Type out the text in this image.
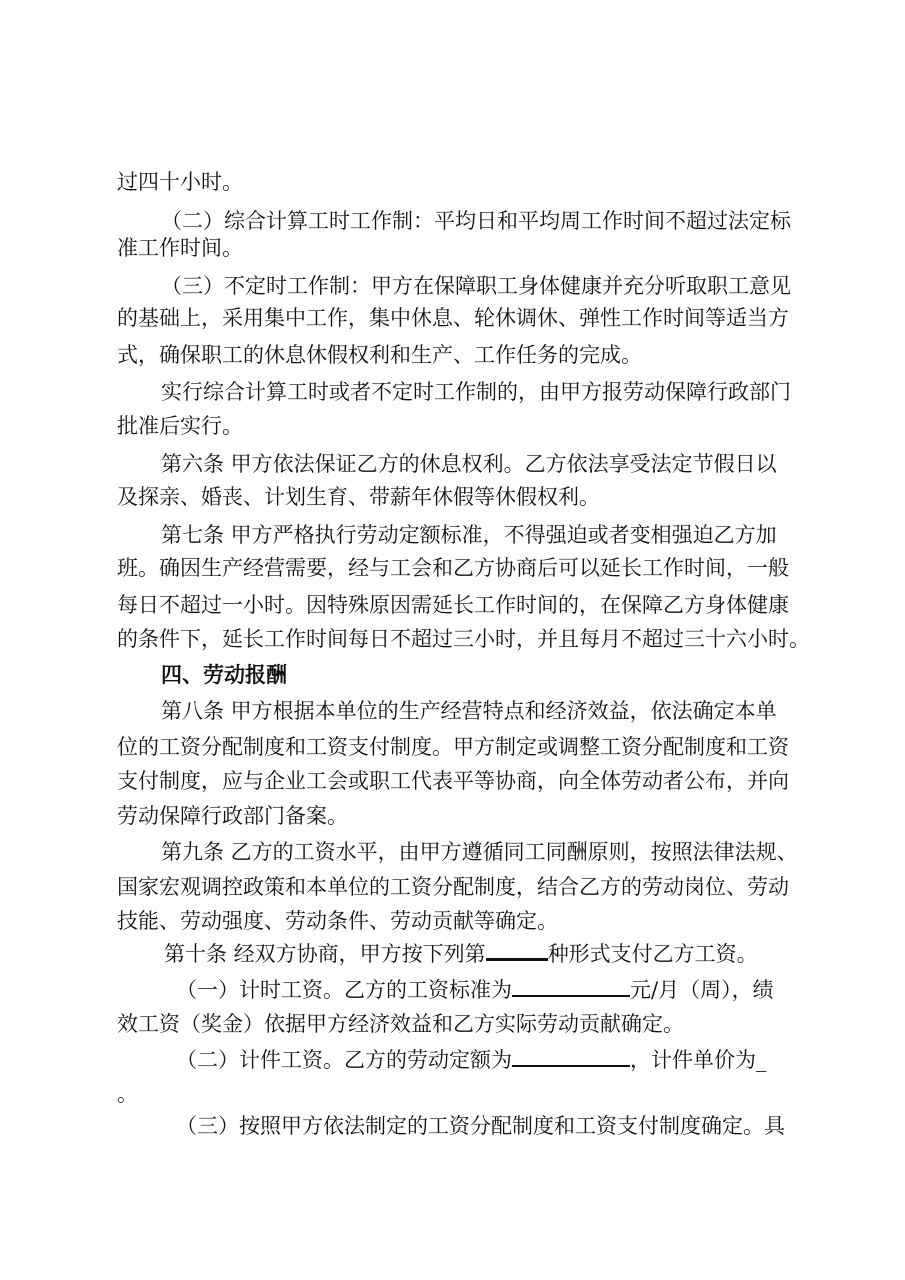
过四十小时。
（二）综合计算工时工作制：平均日和平均周工作时间不超过法定标
准工作时间。
（三）不定时工作制：甲方在保障职工身体健康并充分听取职工意见
的基础上，采用集中工作，集中休息、轮休调休、弹性工作时间等适当方
式，确保职工的休息休假权利和生产、工作任务的完成。
实行综合计算工时或者不定时工作制的，由甲方报劳动保障行政部门
批准后实行。
第六条 甲方依法保证乙方的休息权利。乙方依法享受法定节假日以
及探亲、婚丧、计划生育、带薪年休假等休假权利。
第七条 甲方严格执行劳动定额标准，不得强迫或者变相强迫乙方加
班。确因生产经营需要，经与工会和乙方协商后可以延长工作时间，一般
每日不超过一小时。因特殊原因需延长工作时间的，在保障乙方身体健康
的条件下，延长工作时间每日不超过三小时，并且每月不超过三十六小时。
四、劳动报酬
第八条 甲方根据本单位的生产经营特点和经济效益，依法确定本单
位的工资分配制度和工资支付制度。甲方制定或调整工资分配制度和工资
支付制度，应与企业工会或职工代表平等协商，向全体劳动者公布，并向
劳动保障行政部门备案。
第九条 乙方的工资水平，由甲方遵循同工同酬原则，按照法律法规、
国家宏观调控政策和本单位的工资分配制度，结合乙方的劳动岗位、劳动
技能、劳动强度、劳动条件、劳动贡献等确定。
第十条 经双方协商，甲方按下列第	种形式支付乙方工资。
（一）计时工资。乙方的工资标准为	元/月（周），绩
效工资（奖金）依据甲方经济效益和乙方实际劳动贡献确定。
（二）计件工资。乙方的劳动定额为	，计件单价为_
。
（三）按照甲方依法制定的工资分配制度和工资支付制度确定。具
